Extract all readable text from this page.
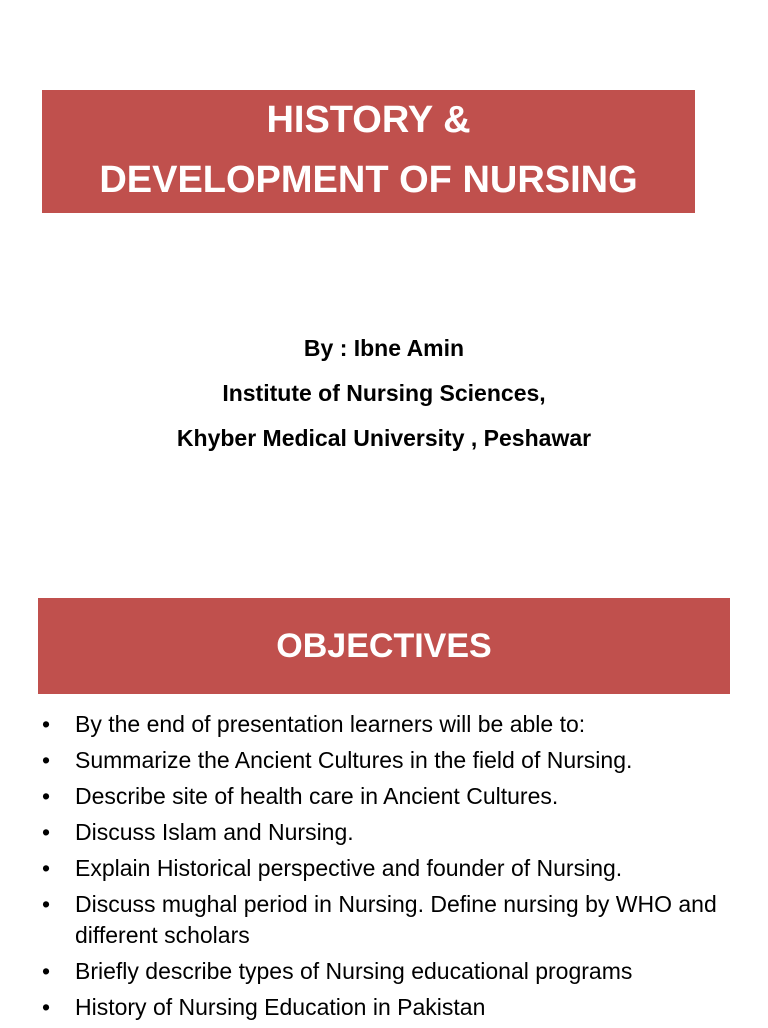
HISTORY &
DEVELOPMENT OF NURSING
By : Ibne Amin
Institute of Nursing Sciences,
Khyber Medical University , Peshawar
OBJECTIVES
• By the end of presentation learners will be able to:
• Summarize the Ancient Cultures in the field of Nursing.
• Describe site of health care in Ancient Cultures.
• Discuss Islam and Nursing.
• Explain Historical perspective and founder of Nursing.
• Discuss mughal period in Nursing. Define nursing by WHO and different scholars
• Briefly describe types of Nursing educational programs
• History of Nursing Education in Pakistan
